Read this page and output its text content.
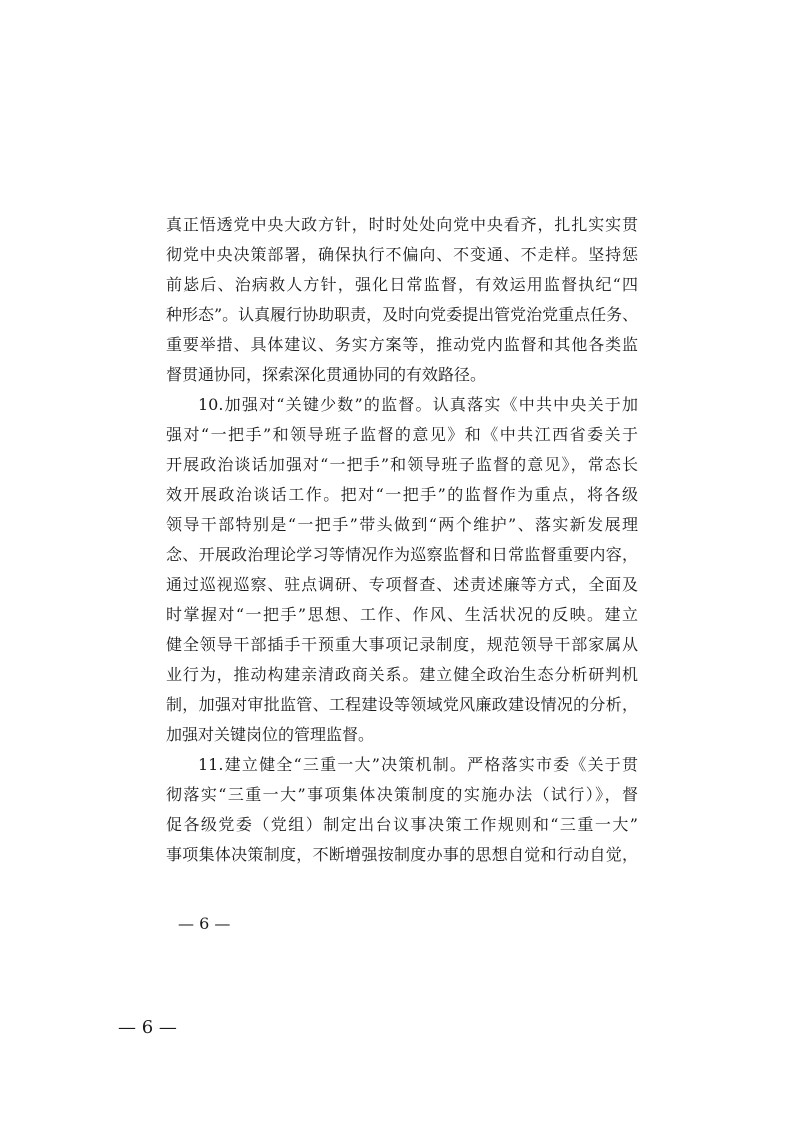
真正悟透党中央大政方针，时时处处向党中央看齐，扎扎实实贯
彻党中央决策部署，确保执行不偏向、不变通、不走样。坚持惩
前毖后、治病救人方针，强化日常监督，有效运用监督执纪“四
种形态”。认真履行协助职责，及时向党委提出管党治党重点任务、
重要举措、具体建议、务实方案等，推动党内监督和其他各类监
督贯通协同，探索深化贯通协同的有效路径。
10.加强对“关键少数”的监督。认真落实《中共中央关于加
强对“一把手”和领导班子监督的意见》和《中共江西省委关于
开展政治谈话加强对“一把手”和领导班子监督的意见》，常态长
效开展政治谈话工作。把对“一把手”的监督作为重点，将各级
领导干部特别是“一把手”带头做到“两个维护”、落实新发展理
念、开展政治理论学习等情况作为巡察监督和日常监督重要内容，
通过巡视巡察、驻点调研、专项督查、述责述廉等方式，全面及
时掌握对“一把手”思想、工作、作风、生活状况的反映。建立
健全领导干部插手干预重大事项记录制度，规范领导干部家属从
业行为，推动构建亲清政商关系。建立健全政治生态分析研判机
制，加强对审批监管、工程建设等领域党风廉政建设情况的分析，
加强对关键岗位的管理监督。
11.建立健全“三重一大”决策机制。严格落实市委《关于贯
彻落实“三重一大”事项集体决策制度的实施办法（试行）》，督
促各级党委（党组）制定出台议事决策工作规则和“三重一大”
事项集体决策制度，不断增强按制度办事的思想自觉和行动自觉，
— 6 —
— 6 —
